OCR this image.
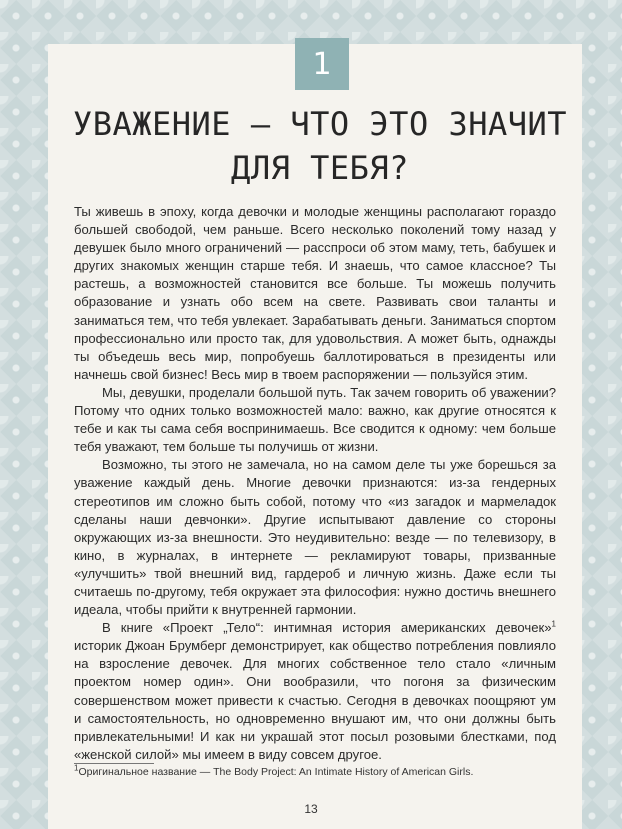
1
УВАЖЕНИЕ — ЧТО ЭТО ЗНАЧИТ
ДЛЯ ТЕБЯ?

Ты живешь в эпоху, когда девочки и молодые женщины располагают гораздо большей свободой, чем раньше. Всего несколько поколений тому назад у девушек было много ограничений — расспроси об этом маму, теть, бабушек и других знакомых женщин старше тебя. И знаешь, что самое классное? Ты растешь, а возможностей становится все больше. Ты можешь получить образование и узнать обо всем на свете. Развивать свои таланты и заниматься тем, что тебя увлекает. Зарабатывать деньги. Заниматься спортом профессионально или просто так, для удовольствия. А может быть, однажды ты объедешь весь мир, попробуешь баллотироваться в президенты или начнешь свой бизнес! Весь мир в твоем распоряжении — пользуйся этим.

Мы, девушки, проделали большой путь. Так зачем говорить об уважении? Потому что одних только возможностей мало: важно, как другие относятся к тебе и как ты сама себя воспринимаешь. Все сводится к одному: чем больше тебя уважают, тем больше ты получишь от жизни.

Возможно, ты этого не замечала, но на самом деле ты уже борешься за уважение каждый день. Многие девочки признаются: из-за гендерных стереотипов им сложно быть собой, потому что «из загадок и мармеладок сделаны наши девчонки». Другие испытывают давление со стороны окружающих из-за внешности. Это неудивительно: везде — по телевизору, в кино, в журналах, в интернете — рекламируют товары, призванные «улучшить» твой внешний вид, гардероб и личную жизнь. Даже если ты считаешь по-другому, тебя окружает эта философия: нужно достичь внешнего идеала, чтобы прийти к внутренней гармонии.

В книге «Проект „Тело“: интимная история американских девочек»$^1$ историк Джоан Брумберг демонстрирует, как общество потребления повлияло на взросление девочек. Для многих собственное тело стало «личным проектом номер один». Они вообразили, что погоня за физическим совершенством может привести к счастью. Сегодня в девочках поощряют ум и самостоятельность, но одновременно внушают им, что они должны быть привлекательными! И как ни украшай этот посыл розовыми блестками, под «женской силой» мы имеем в виду совсем другое.

$^1$Оригинальное название — The Body Project: An Intimate History of American Girls.
13
